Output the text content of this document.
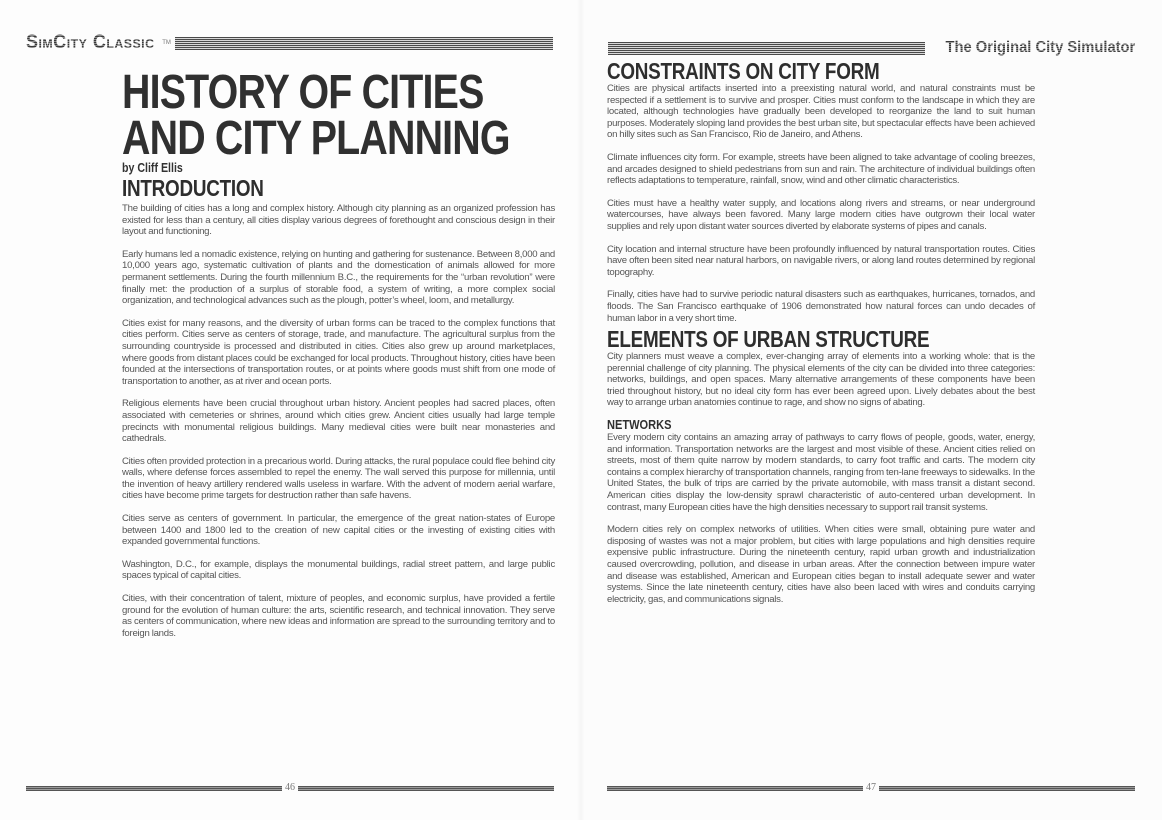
SimCity Classic TM
HISTORY OF CITIES AND CITY PLANNING
by Cliff Ellis
INTRODUCTION

The building of cities has a long and complex history. Although city planning as an organized profession has existed for less than a century, all cities display various degrees of forethought and conscious design in their layout and functioning.

Early humans led a nomadic existence, relying on hunting and gathering for sustenance. Between 8,000 and 10,000 years ago, systematic cultivation of plants and the domestication of animals allowed for more permanent settlements. During the fourth millennium B.C., the requirements for the “urban revolution” were finally met: the production of a surplus of storable food, a system of writing, a more complex social organization, and technological advances such as the plough, potter’s wheel, loom, and metallurgy.

Cities exist for many reasons, and the diversity of urban forms can be traced to the complex functions that cities perform. Cities serve as centers of storage, trade, and manufacture. The agricultural surplus from the surrounding countryside is processed and distributed in cities. Cities also grew up around marketplaces, where goods from distant places could be exchanged for local products. Throughout history, cities have been founded at the intersections of transportation routes, or at points where goods must shift from one mode of transportation to another, as at river and ocean ports.

Religious elements have been crucial throughout urban history. Ancient peoples had sacred places, often associated with cemeteries or shrines, around which cities grew. Ancient cities usually had large temple precincts with monumental religious buildings. Many medieval cities were built near monasteries and cathedrals.

Cities often provided protection in a precarious world. During attacks, the rural populace could flee behind city walls, where defense forces assembled to repel the enemy. The wall served this purpose for millennia, until the invention of heavy artillery rendered walls useless in warfare. With the advent of modern aerial warfare, cities have become prime targets for destruction rather than safe havens.

Cities serve as centers of government. In particular, the emergence of the great nation-states of Europe between 1400 and 1800 led to the creation of new capital cities or the investing of existing cities with expanded governmental functions.

Washington, D.C., for example, displays the monumental buildings, radial street pattern, and large public spaces typical of capital cities.

Cities, with their concentration of talent, mixture of peoples, and economic surplus, have provided a fertile ground for the evolution of human culture: the arts, scientific research, and technical innovation. They serve as centers of communication, where new ideas and information are spread to the surrounding territory and to foreign lands.

46
The Original City Simulator
CONSTRAINTS ON CITY FORM

Cities are physical artifacts inserted into a preexisting natural world, and natural constraints must be respected if a settlement is to survive and prosper. Cities must conform to the landscape in which they are located, although technologies have gradually been developed to reorganize the land to suit human purposes. Moderately sloping land provides the best urban site, but spectacular effects have been achieved on hilly sites such as San Francisco, Rio de Janeiro, and Athens.

Climate influences city form. For example, streets have been aligned to take advantage of cooling breezes, and arcades designed to shield pedestrians from sun and rain. The architecture of individual buildings often reflects adaptations to temperature, rainfall, snow, wind and other climatic characteristics.

Cities must have a healthy water supply, and locations along rivers and streams, or near underground watercourses, have always been favored. Many large modern cities have outgrown their local water supplies and rely upon distant water sources diverted by elaborate systems of pipes and canals.

City location and internal structure have been profoundly influenced by natural transportation routes. Cities have often been sited near natural harbors, on navigable rivers, or along land routes determined by regional topography.

Finally, cities have had to survive periodic natural disasters such as earthquakes, hurricanes, tornados, and floods. The San Francisco earthquake of 1906 demonstrated how natural forces can undo decades of human labor in a very short time.

ELEMENTS OF URBAN STRUCTURE

City planners must weave a complex, ever-changing array of elements into a working whole: that is the perennial challenge of city planning. The physical elements of the city can be divided into three categories: networks, buildings, and open spaces. Many alternative arrangements of these components have been tried throughout history, but no ideal city form has ever been agreed upon. Lively debates about the best way to arrange urban anatomies continue to rage, and show no signs of abating.

NETWORKS

Every modern city contains an amazing array of pathways to carry flows of people, goods, water, energy, and information. Transportation networks are the largest and most visible of these. Ancient cities relied on streets, most of them quite narrow by modern standards, to carry foot traffic and carts. The modern city contains a complex hierarchy of transportation channels, ranging from ten-lane freeways to sidewalks. In the United States, the bulk of trips are carried by the private automobile, with mass transit a distant second. American cities display the low-density sprawl characteristic of auto-centered urban development. In contrast, many European cities have the high densities necessary to support rail transit systems.

Modern cities rely on complex networks of utilities. When cities were small, obtaining pure water and disposing of wastes was not a major problem, but cities with large populations and high densities require expensive public infrastructure. During the nineteenth century, rapid urban growth and industrialization caused overcrowding, pollution, and disease in urban areas. After the connection between impure water and disease was established, American and European cities began to install adequate sewer and water systems. Since the late nineteenth century, cities have also been laced with wires and conduits carrying electricity, gas, and communications signals.

47
